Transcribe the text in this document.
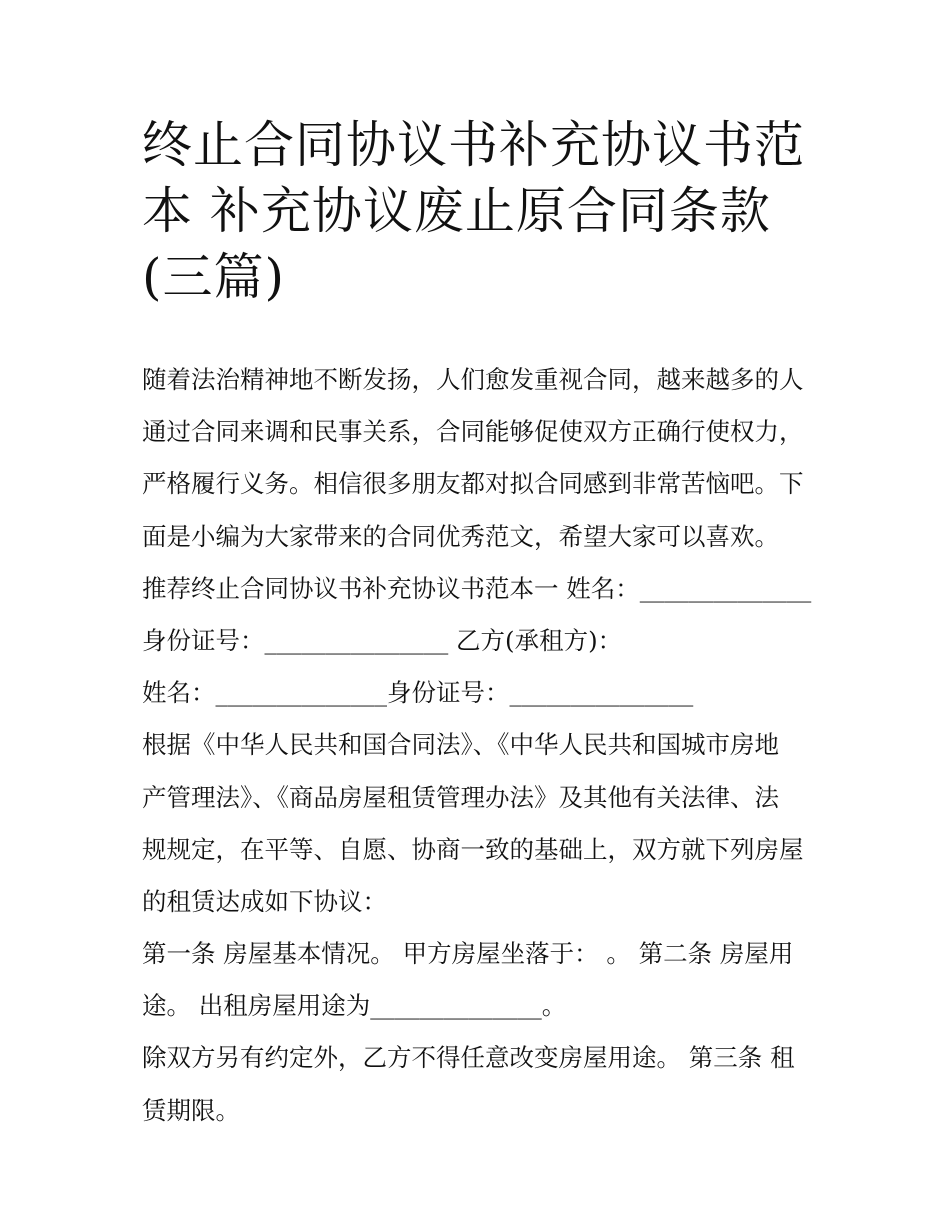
终止合同协议书补充协议书范
本 补充协议废止原合同条款
(三篇)
随着法治精神地不断发扬，人们愈发重视合同，越来越多的人
通过合同来调和民事关系，合同能够促使双方正确行使权力，
严格履行义务。相信很多朋友都对拟合同感到非常苦恼吧。下
面是小编为大家带来的合同优秀范文，希望大家可以喜欢。
推荐终止合同协议书补充协议书范本一 姓名：______________
身份证号：_______________ 乙方(承租方)：
姓名：______________身份证号：_______________
根据《中华人民共和国合同法》、《中华人民共和国城市房地
产管理法》、《商品房屋租赁管理办法》及其他有关法律、法
规规定，在平等、自愿、协商一致的基础上，双方就下列房屋
的租赁达成如下协议：
第一条 房屋基本情况。 甲方房屋坐落于： 。 第二条 房屋用
途。 出租房屋用途为______________。
除双方另有约定外，乙方不得任意改变房屋用途。 第三条 租
赁期限。
